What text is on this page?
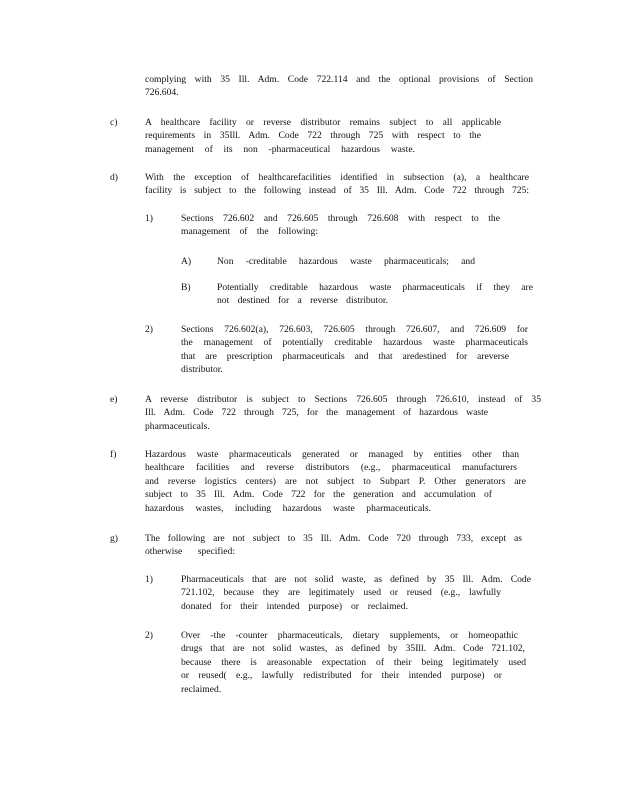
complying with 35 Ill. Adm. Code 722.114 and the optional provisions of Section
726.604.
c)	A healthcare facility or reverse distributor remains subject to all applicable
requirements in 35Ill. Adm. Code 722 through 725 with respect to the
management of its non -pharmaceutical hazardous waste.
d)	With the exception of healthcarefacilities identified in subsection (a), a healthcare
facility is subject to the following instead of 35 Ill. Adm. Code 722 through 725:
1)	Sections 726.602 and 726.605 through 726.608 with respect to the
management of the following:
A)	Non -creditable hazardous waste pharmaceuticals; and
B)	Potentially creditable hazardous waste pharmaceuticals if they are
not destined for a reverse distributor.
2)	Sections 726.602(a), 726.603, 726.605 through 726.607, and 726.609 for
the management of potentially creditable hazardous waste pharmaceuticals
that are prescription pharmaceuticals and that aredestined for areverse
distributor.
e)	A reverse distributor is subject to Sections 726.605 through 726.610, instead of 35
Ill. Adm. Code 722 through 725, for the management of hazardous waste
pharmaceuticals.
f)	Hazardous waste pharmaceuticals generated or managed by entities other than
healthcare facilities and reverse distributors (e.g., pharmaceutical manufacturers
and reverse logistics centers) are not subject to Subpart P. Other generators are
subject to 35 Ill. Adm. Code 722 for the generation and accumulation of
hazardous wastes, including hazardous waste pharmaceuticals.
g)	The following are not subject to 35 Ill. Adm. Code 720 through 733, except as
otherwise specified:
1)	Pharmaceuticals that are not solid waste, as defined by 35 Ill. Adm. Code
721.102, because they are legitimately used or reused (e.g., lawfully
donated for their intended purpose) or reclaimed.
2)	Over -the -counter pharmaceuticals, dietary supplements, or homeopathic
drugs that are not solid wastes, as defined by 35Ill. Adm. Code 721.102,
because there is areasonable expectation of their being legitimately used
or reused( e.g., lawfully redistributed for their intended purpose) or
reclaimed.
